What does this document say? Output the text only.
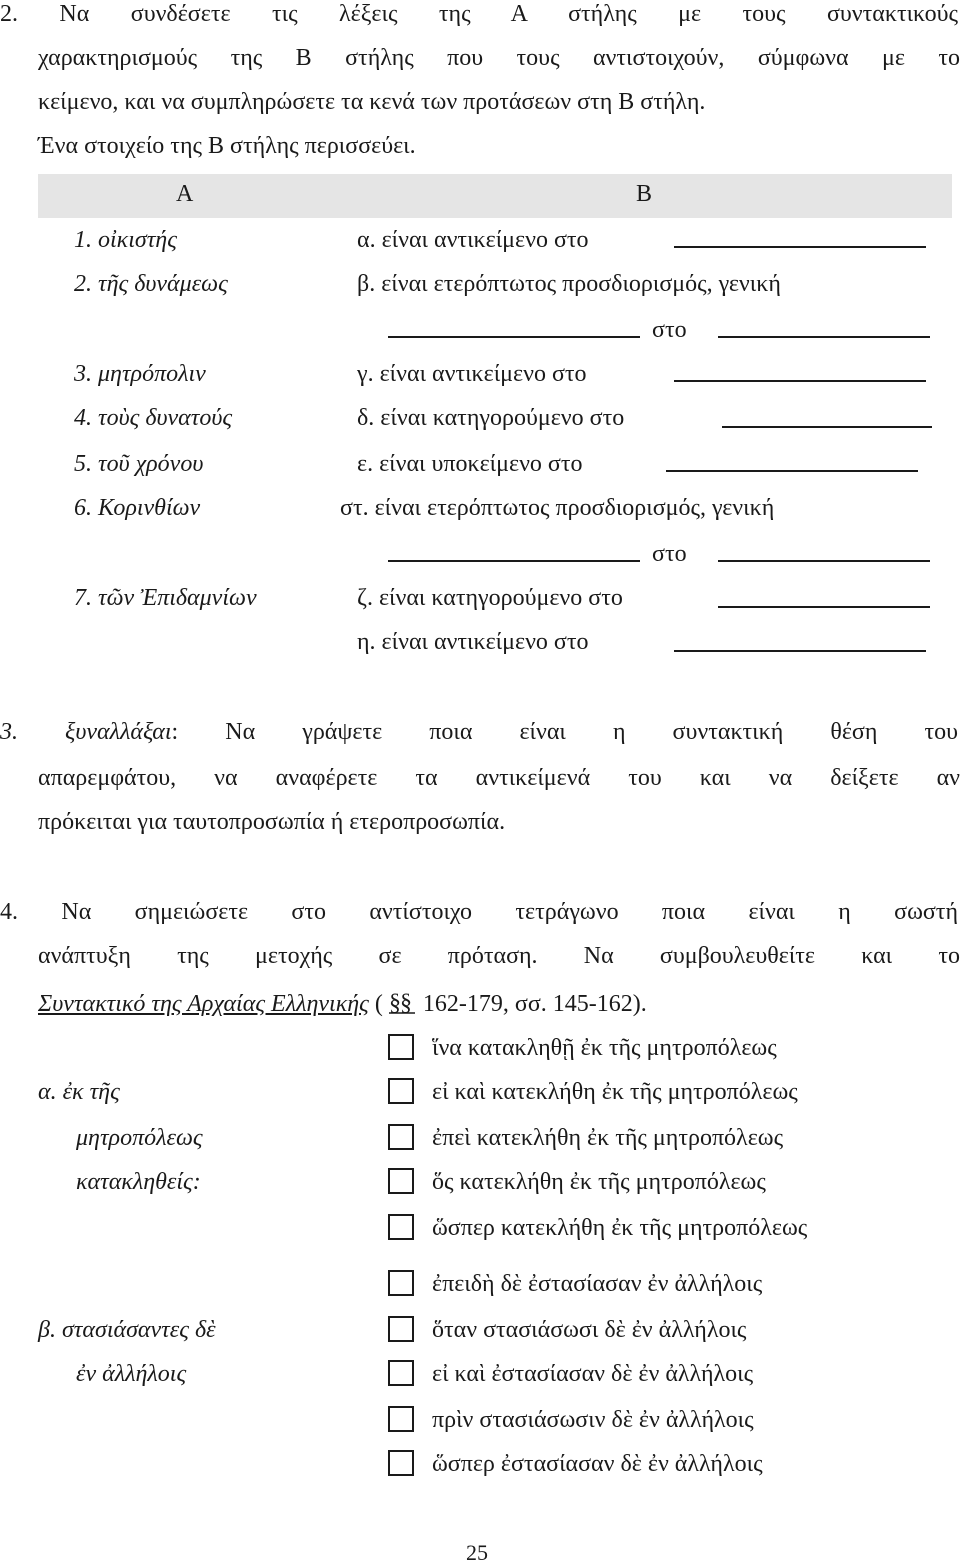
2. Να συνδέσετε τις λέξεις της Α στήλης με τους συντακτικούς
χαρακτηρισμούς της Β στήλης που τους αντιστοιχούν, σύμφωνα με το
κείμενο, και να συμπληρώσετε τα κενά των προτάσεων στη Β στήλη.
Ένα στοιχείο της Β στήλης περισσεύει.
Α	Β
1. οἰκιστής
2. τῆς δυνάμεως
3. μητρόπολιν
4. τοὺς δυνατούς
5. τοῦ χρόνου
6. Κορινθίων
7. τῶν Ἐπιδαμνίων
α. είναι αντικείμενο στο
β. είναι ετερόπτωτος προσδιορισμός, γενική
στο
γ. είναι αντικείμενο στο
δ. είναι κατηγορούμενο στο
ε. είναι υποκείμενο στο
στ. είναι ετερόπτωτος προσδιορισμός, γενική
στο
ζ. είναι κατηγορούμενο στο
η. είναι αντικείμενο στο
3. ξυναλλάξαι: Να γράψετε ποια είναι η συντακτική θέση του
απαρεμφάτου, να αναφέρετε τα αντικείμενά του και να δείξετε αν
πρόκειται για ταυτοπροσωπία ή ετεροπροσωπία.
4. Να σημειώσετε στο αντίστοιχο τετράγωνο ποια είναι η σωστή
ανάπτυξη της μετοχής σε πρόταση. Να συμβουλευθείτε και το
Συντακτικό της Αρχαίας Ελληνικής ( § § 162-179, σσ. 145-162).
α. ἐκ τῆς
μητροπόλεως
κατακληθείς:
ἵνα κατακληθῇ ἐκ τῆς μητροπόλεως
εἰ καὶ κατεκλήθη ἐκ τῆς μητροπόλεως
ἐπεὶ κατεκλήθη ἐκ τῆς μητροπόλεως
ὅς κατεκλήθη ἐκ τῆς μητροπόλεως
ὥσπερ κατεκλήθη ἐκ τῆς μητροπόλεως
β. στασιάσαντες δὲ
ἐν ἀλλήλοις
ἐπειδὴ δὲ ἐστασίασαν ἐν ἀλλήλοις
ὅταν στασιάσωσι δὲ ἐν ἀλλήλοις
εἰ καὶ ἐστασίασαν δὲ ἐν ἀλλήλοις
πρὶν στασιάσωσιν δὲ ἐν ἀλλήλοις
ὥσπερ ἐστασίασαν δὲ ἐν ἀλλήλοις
25
